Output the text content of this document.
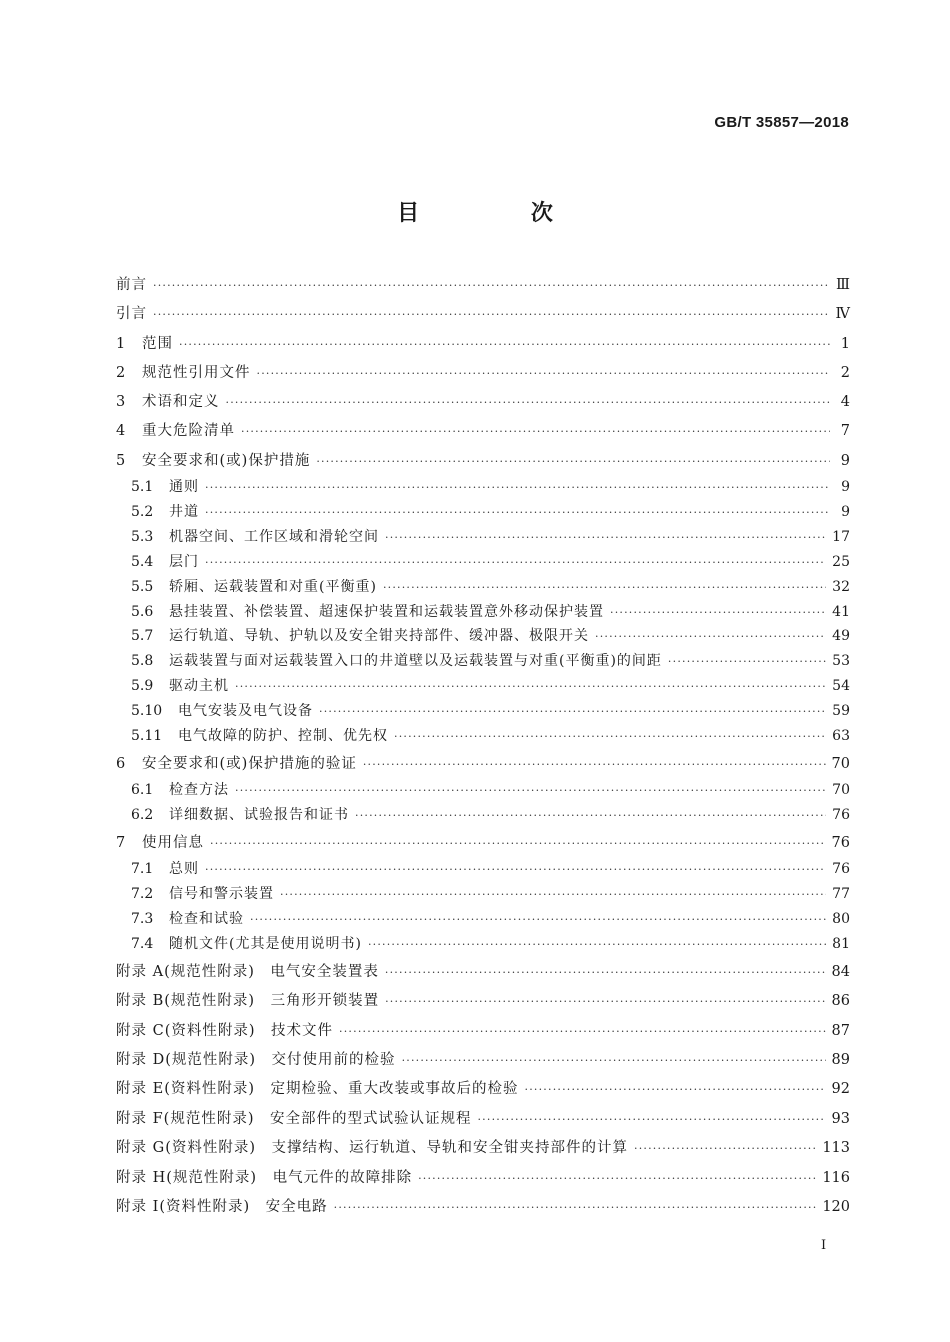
GB/T 35857—2018
目 次
前言 ·····	Ⅲ
引言 ·····	Ⅳ
1	范围 ·····	1
2	规范性引用文件 ·····	2
3	术语和定义 ·····	4
4	重大危险清单 ·····	7
5	安全要求和(或)保护措施 ·····	9
5.1	通则 ·····	9
5.2	井道 ·····	9
5.3	机器空间、工作区域和滑轮空间 ·····	17
5.4	层门 ·····	25
5.5	轿厢、运载装置和对重(平衡重) ·····	32
5.6	悬挂装置、补偿装置、超速保护装置和运载装置意外移动保护装置 ·····	41
5.7	运行轨道、导轨、护轨以及安全钳夹持部件、缓冲器、极限开关 ·····	49
5.8	运载装置与面对运载装置入口的井道壁以及运载装置与对重(平衡重)的间距 ·····	53
5.9	驱动主机 ·····	54
5.10	电气安装及电气设备 ·····	59
5.11	电气故障的防护、控制、优先权 ·····	63
6	安全要求和(或)保护措施的验证 ·····	70
6.1	检查方法 ·····	70
6.2	详细数据、试验报告和证书 ·····	76
7	使用信息 ·····	76
7.1	总则 ·····	76
7.2	信号和警示装置 ·····	77
7.3	检查和试验 ·····	80
7.4	随机文件(尤其是使用说明书) ·····	81
附录 A(规范性附录)　电气安全装置表 ·····	84
附录 B(规范性附录)　三角形开锁装置 ·····	86
附录 C(资料性附录)　技术文件 ·····	87
附录 D(规范性附录)　交付使用前的检验 ·····	89
附录 E(资料性附录)　定期检验、重大改装或事故后的检验 ·····	92
附录 F(规范性附录)　安全部件的型式试验认证规程 ·····	93
附录 G(资料性附录)　支撑结构、运行轨道、导轨和安全钳夹持部件的计算 ·····	113
附录 H(规范性附录)　电气元件的故障排除 ·····	116
附录 I(资料性附录)　安全电路 ·····	120
I
